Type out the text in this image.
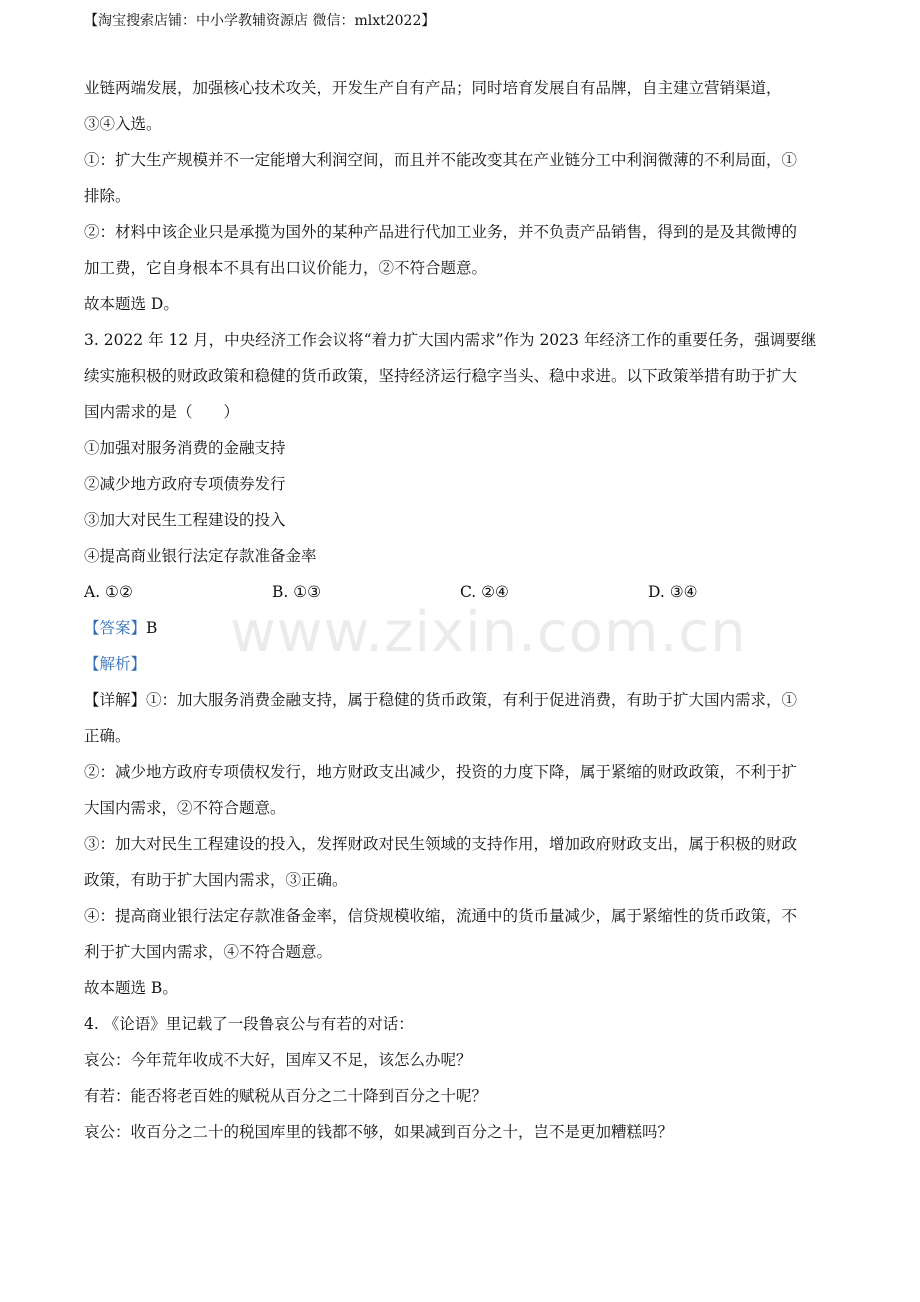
【淘宝搜索店铺：中小学教辅资源店 微信：mlxt2022】
www.zixin.com.cn

业链两端发展，加强核心技术攻关，开发生产自有产品；同时培育发展自有品牌，自主建立营销渠道，

③④入选。

①：扩大生产规模并不一定能增大利润空间，而且并不能改变其在产业链分工中利润微薄的不利局面，①

排除。

②：材料中该企业只是承揽为国外的某种产品进行代加工业务，并不负责产品销售，得到的是及其微博的

加工费，它自身根本不具有出口议价能力，②不符合题意。

故本题选 D。

3. 2022 年 12 月，中央经济工作会议将“着力扩大国内需求”作为 2023 年经济工作的重要任务，强调要继

续实施积极的财政政策和稳健的货币政策，坚持经济运行稳字当头、稳中求进。以下政策举措有助于扩大

国内需求的是（　　）

①加强对服务消费的金融支持

②减少地方政府专项债券发行

③加大对民生工程建设的投入

④提高商业银行法定存款准备金率

A. ①②	B. ①③	C. ②④	D. ③④

【答案】B

【解析】

【详解】①：加大服务消费金融支持，属于稳健的货币政策，有利于促进消费，有助于扩大国内需求，①

正确。

②：减少地方政府专项债权发行，地方财政支出减少，投资的力度下降，属于紧缩的财政政策，不利于扩

大国内需求，②不符合题意。

③：加大对民生工程建设的投入，发挥财政对民生领域的支持作用，增加政府财政支出，属于积极的财政

政策，有助于扩大国内需求，③正确。

④：提高商业银行法定存款准备金率，信贷规模收缩，流通中的货币量减少，属于紧缩性的货币政策，不

利于扩大国内需求，④不符合题意。

故本题选 B。

4. 《论语》里记载了一段鲁哀公与有若的对话：

哀公：今年荒年收成不大好，国库又不足，该怎么办呢？

有若：能否将老百姓的赋税从百分之二十降到百分之十呢？

哀公：收百分之二十的税国库里的钱都不够，如果减到百分之十，岂不是更加糟糕吗？
